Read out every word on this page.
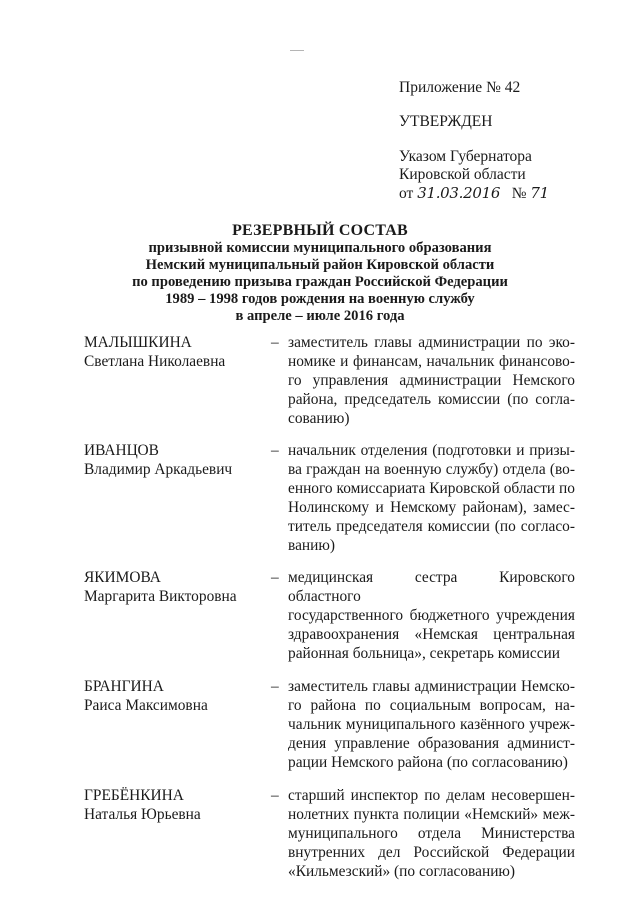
Приложение № 42
УТВЕРЖДЕН
Указом Губернатора
Кировской области
от 31.03.2016 № 71
РЕЗЕРВНЫЙ СОСТАВ
призывной комиссии муниципального образования
Немский муниципальный район Кировской области
по проведению призыва граждан Российской Федерации
1989 – 1998 годов рождения на военную службу
в апреле – июле 2016 года
МАЛЫШКИНА
Светлана Николаевна
– заместитель главы администрации по эко-
номике и финансам, начальник финансово-
го управления администрации Немского
района, председатель комиссии (по согла-
сованию)
ИВАНЦОВ
Владимир Аркадьевич
– начальник отделения (подготовки и призы-
ва граждан на военную службу) отдела (во-
енного комиссариата Кировской области по
Нолинскому и Немскому районам), замес-
титель председателя комиссии (по согласо-
ванию)
ЯКИМОВА
Маргарита Викторовна
– медицинская сестра Кировского областного
государственного бюджетного учреждения
здравоохранения «Немская центральная
районная больница», секретарь комиссии
БРАНГИНА
Раиса Максимовна
– заместитель главы администрации Немско-
го района по социальным вопросам, на-
чальник муниципального казённого учреж-
дения управление образования админист-
рации Немского района (по согласованию)
ГРЕБЁНКИНА
Наталья Юрьевна
– старший инспектор по делам несовершен-
нолетних пункта полиции «Немский» меж-
муниципального отдела Министерства
внутренних дел Российской Федерации
«Кильмезский» (по согласованию)
